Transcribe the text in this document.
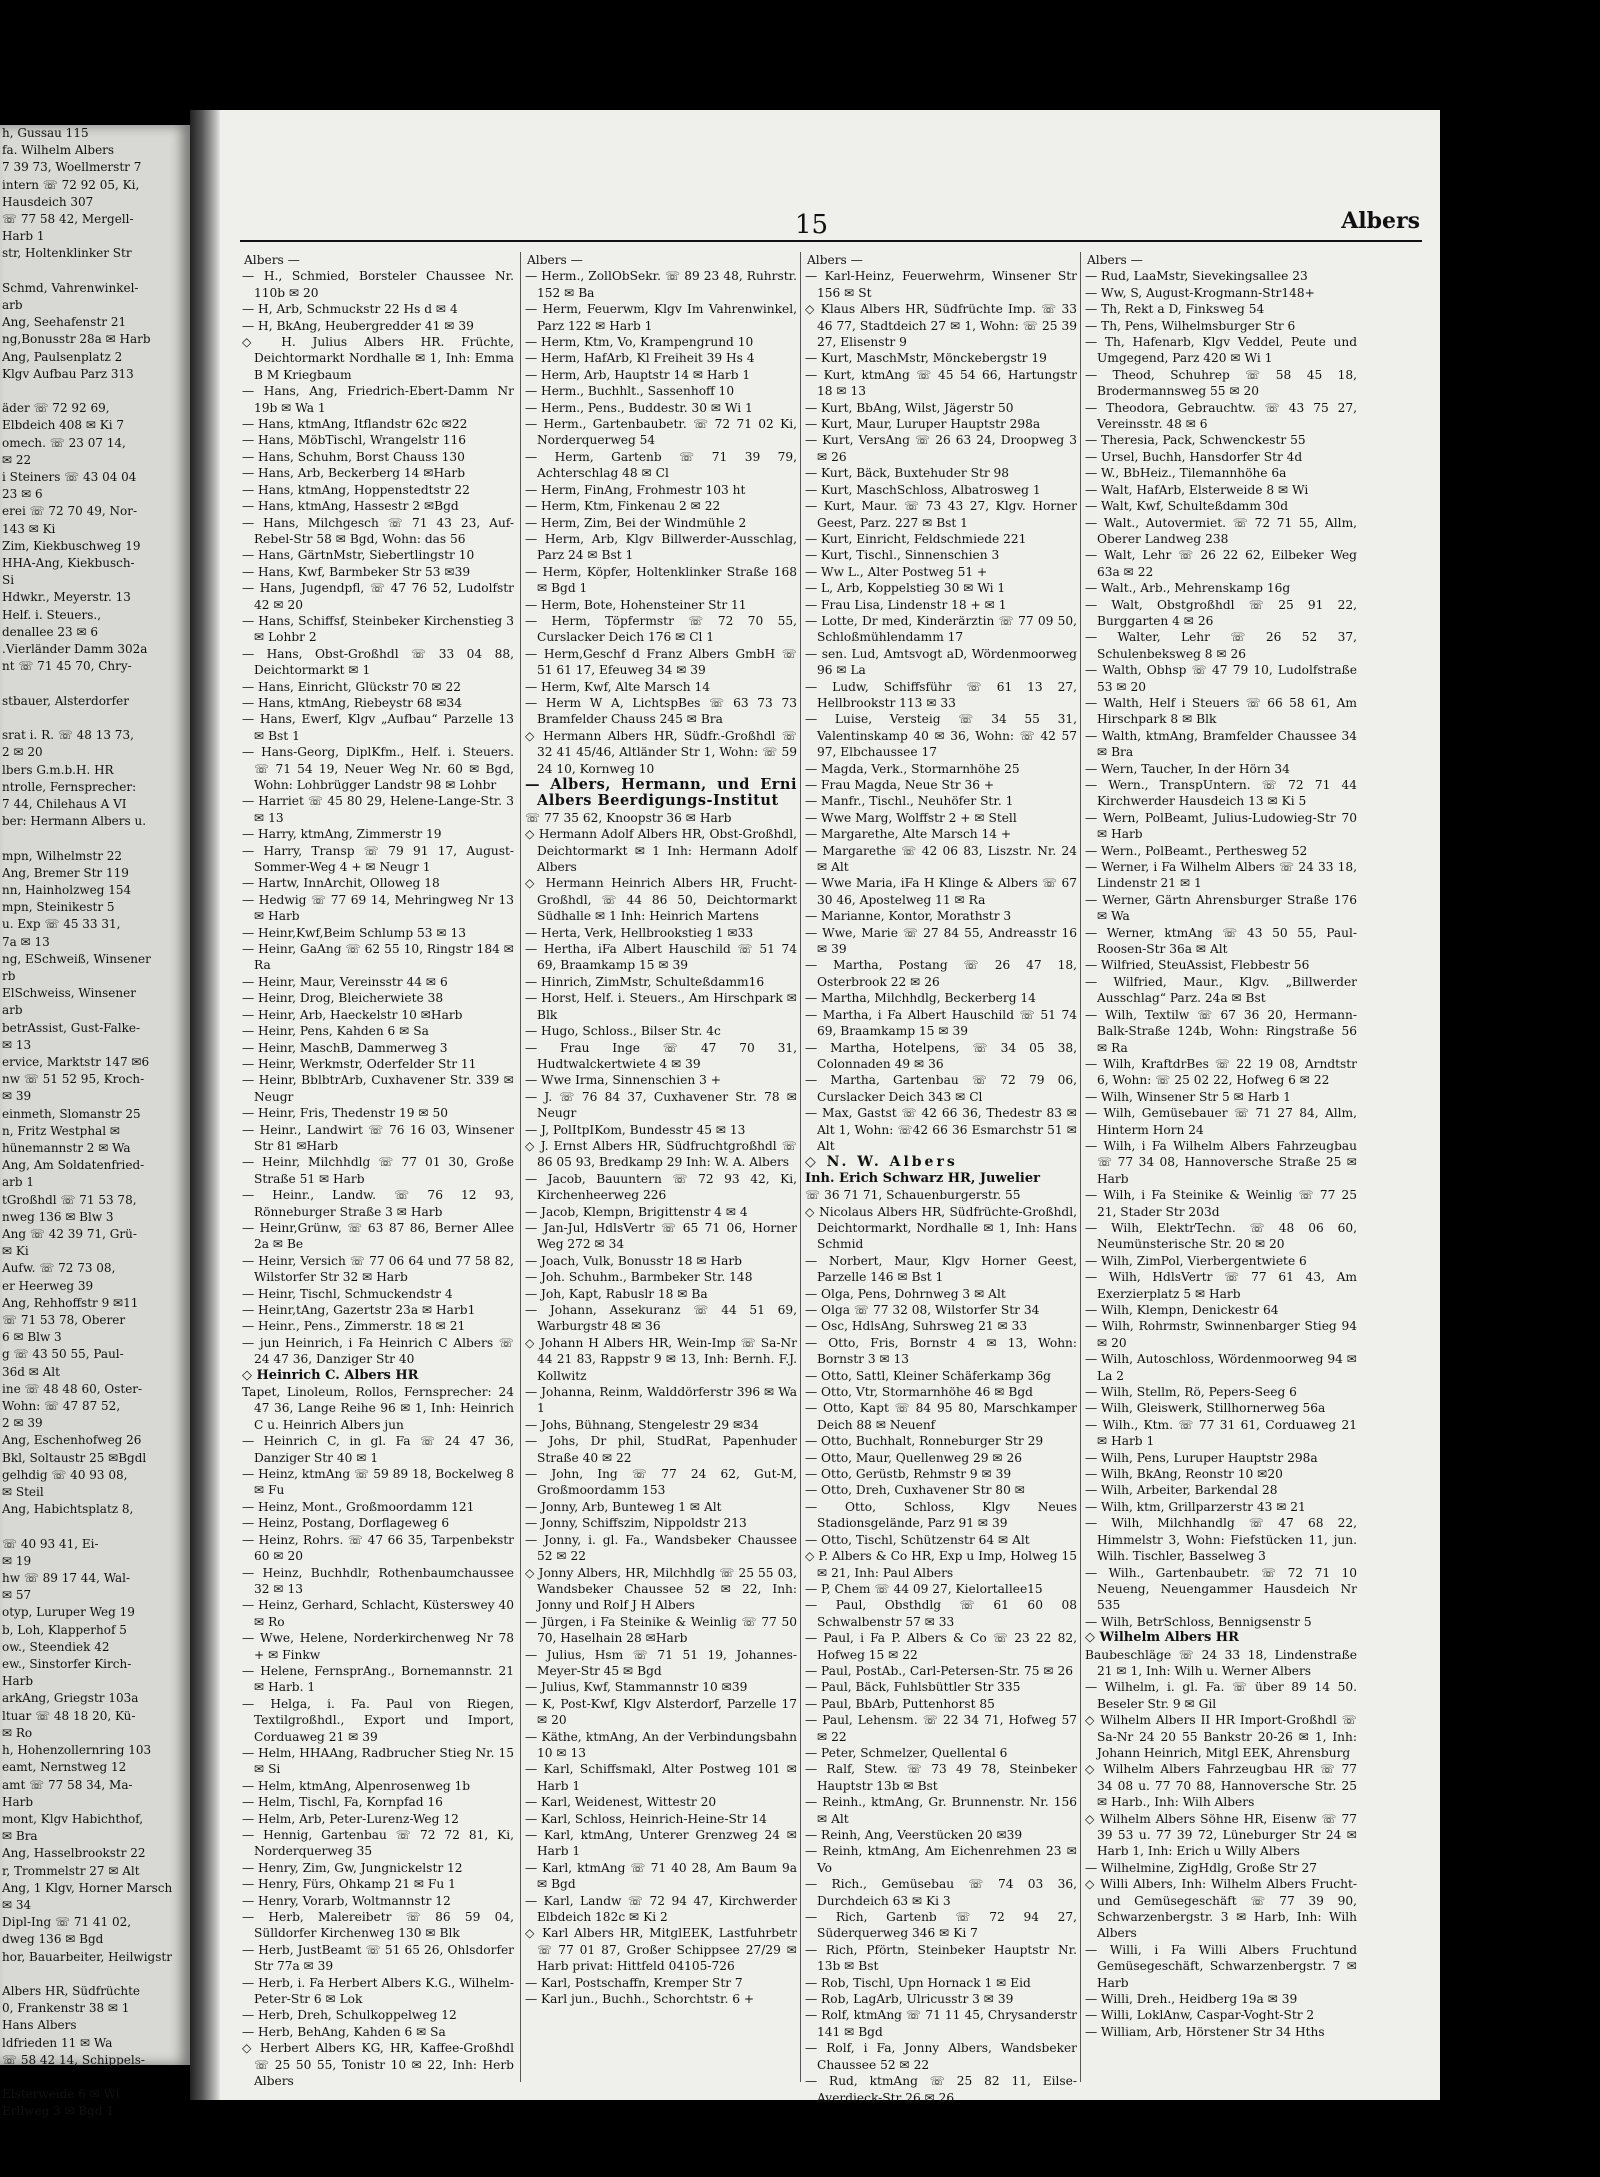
h, Gussau 115
fa. Wilhelm Albers
7 39 73, Woellmerstr 7
intern ☏ 72 92 05, Ki,
Hausdeich 307
☏ 77 58 42, Mergell-
Harb 1
str, Holtenklinker Str

Schmd, Vahrenwinkel-
arb
Ang, Seehafenstr 21
ng,Bonusstr 28a ✉ Harb
Ang, Paulsenplatz 2
Klgv Aufbau Parz 313

äder ☏ 72 92 69,
Elbdeich 408 ✉ Ki 7
omech. ☏ 23 07 14,
✉ 22
i Steiners ☏ 43 04 04
23 ✉ 6
erei ☏ 72 70 49, Nor-
143 ✉ Ki
Zim, Kiekbuschweg 19
HHA-Ang, Kiekbusch-
Si
Hdwkr., Meyerstr. 13
Helf. i. Steuers.,
denallee 23 ✉ 6
.Vierländer Damm 302a
nt ☏ 71 45 70, Chry-

stbauer, Alsterdorfer

srat i. R. ☏ 48 13 73,
2 ✉ 20
lbers G.m.b.H. HR
ntrolle, Fernsprecher:
7 44, Chilehaus A VI
ber: Hermann Albers u.

mpn, Wilhelmstr 22
Ang, Bremer Str 119
nn, Hainholzweg 154
mpn, Steinikestr 5
u. Exp ☏ 45 33 31,
7a ✉ 13
ng, ESchweiß, Winsener
rb
ElSchweiss, Winsener
arb
betrAssist, Gust-Falke-
✉ 13
ervice, Marktstr 147 ✉6
nw ☏ 51 52 95, Kroch-
✉ 39
einmeth, Slomanstr 25
n, Fritz Westphal ✉
hünemannstr 2 ✉ Wa
Ang, Am Soldatenfried-
arb 1
tGroßhdl ☏ 71 53 78,
nweg 136 ✉ Blw 3
Ang ☏ 42 39 71, Grü-
✉ Ki
Aufw. ☏ 72 73 08,
er Heerweg 39
Ang, Rehhoffstr 9 ✉11
☏ 71 53 78, Oberer
6 ✉ Blw 3
g ☏ 43 50 55, Paul-
36d ✉ Alt
ine ☏ 48 48 60, Oster-
Wohn: ☏ 47 87 52,
2 ✉ 39
Ang, Eschenhofweg 26
Bkl, Soltaustr 25 ✉Bgdl
gelhdig ☏ 40 93 08,
✉ Steil
Ang, Habichtsplatz 8,

☏ 40 93 41, Ei-
✉ 19
hw ☏ 89 17 44, Wal-
✉ 57
otyp, Luruper Weg 19
b, Loh, Klapperhof 5
ow., Steendiek 42
ew., Sinstorfer Kirch-
Harb
arkAng, Griegstr 103a
ltuar ☏ 48 18 20, Kü-
✉ Ro
h, Hohenzollernring 103
eamt, Nernstweg 12
amt ☏ 77 58 34, Ma-
Harb
mont, Klgv Habichthof,
✉ Bra
Ang, Hasselbrookstr 22
r, Trommelstr 27 ✉ Alt
Ang, 1 Klgv, Horner Marsch
✉ 34
Dipl-Ing ☏ 71 41 02,
dweg 136 ✉ Bgd
hor, Bauarbeiter, Heilwigstr

Albers HR, Südfrüchte
0, Frankenstr 38 ✉ 1
Hans Albers
ldfrieden 11 ✉ Wa
☏ 58 42 14, Schippels-

Elsterweide 6 ✉ Wi
Erllweg 3 ✉ Bgd 1
15	Albers
Albers —
— H., Schmied, Borsteler Chaussee Nr. 110b ✉ 20
— H, Arb, Schmuckstr 22 Hs d ✉ 4
— H, BkAng, Heubergredder 41 ✉ 39
◇ H. Julius Albers HR. Früchte, Deichtormarkt Nordhalle ✉ 1, Inh: Emma B M Kriegbaum
— Hans, Ang, Friedrich-Ebert-Damm Nr 19b ✉ Wa 1
— Hans, ktmAng, Itflandstr 62c ✉22
— Hans, MöbTischl, Wrangelstr 116
— Hans, Schuhm, Borst Chauss 130
— Hans, Arb, Beckerberg 14 ✉Harb
— Hans, ktmAng, Hoppenstedtstr 22
— Hans, ktmAng, Hassestr 2 ✉Bgd
— Hans, Milchgesch ☏ 71 43 23, Auf-Rebel-Str 58 ✉ Bgd, Wohn: das 56
— Hans, GärtnMstr, Siebertlingstr 10
— Hans, Kwf, Barmbeker Str 53 ✉39
— Hans, Jugendpfl, ☏ 47 76 52, Ludolfstr 42 ✉ 20
— Hans, Schiffsf, Steinbeker Kirchenstieg 3 ✉ Lohbr 2
— Hans, Obst-Großhdl ☏ 33 04 88, Deichtormarkt ✉ 1
— Hans, Einricht, Glückstr 70 ✉ 22
— Hans, ktmAng, Riebeystr 68 ✉34
— Hans, Ewerf, Klgv „Aufbau“ Parzelle 13 ✉ Bst 1
— Hans-Georg, DiplKfm., Helf. i. Steuers. ☏ 71 54 19, Neuer Weg Nr. 60 ✉ Bgd, Wohn: Lohbrügger Landstr 98 ✉ Lohbr
— Harriet ☏ 45 80 29, Helene-Lange-Str. 3 ✉ 13
— Harry, ktmAng, Zimmerstr 19
— Harry, Transp ☏ 79 91 17, August-Sommer-Weg 4 + ✉ Neugr 1
— Hartw, InnArchit, Olloweg 18
— Hedwig ☏ 77 69 14, Mehringweg Nr 13 ✉ Harb
— Heinr,Kwf,Beim Schlump 53 ✉ 13
— Heinr, GaAng ☏ 62 55 10, Ringstr 184 ✉ Ra
— Heinr, Maur, Vereinsstr 44 ✉ 6
— Heinr, Drog, Bleicherwiete 38
— Heinr, Arb, Haeckelstr 10 ✉Harb
— Heinr, Pens, Kahden 6 ✉ Sa
— Heinr, MaschB, Dammerweg 3
— Heinr, Werkmstr, Oderfelder Str 11
— Heinr, BblbtrArb, Cuxhavener Str. 339 ✉ Neugr
— Heinr, Fris, Thedenstr 19 ✉ 50
— Heinr., Landwirt ☏ 76 16 03, Winsener Str 81 ✉Harb
— Heinr, Milchhdlg ☏ 77 01 30, Große Straße 51 ✉ Harb
— Heinr., Landw. ☏ 76 12 93, Rönneburger Straße 3 ✉ Harb
— Heinr,Grünw, ☏ 63 87 86, Berner Allee 2a ✉ Be
— Heinr, Versich ☏ 77 06 64 und 77 58 82, Wilstorfer Str 32 ✉ Harb
— Heinr, Tischl, Schmuckendstr 4
— Heinr,tAng, Gazertstr 23a ✉ Harb1
— Heinr., Pens., Zimmerstr. 18 ✉ 21
— jun Heinrich, i Fa Heinrich C Albers ☏ 24 47 36, Danziger Str 40
◇ Heinrich C. Albers HR
Tapet, Linoleum, Rollos, Fernsprecher: 24 47 36, Lange Reihe 96 ✉ 1, Inh: Heinrich C u. Heinrich Albers jun
— Heinrich C, in gl. Fa ☏ 24 47 36, Danziger Str 40 ✉ 1
— Heinz, ktmAng ☏ 59 89 18, Bockelweg 8 ✉ Fu
— Heinz, Mont., Großmoordamm 121
— Heinz, Postang, Dorflageweg 6
— Heinz, Rohrs. ☏ 47 66 35, Tarpenbekstr 60 ✉ 20
— Heinz, Buchhdlr, Rothenbaumchaussee 32 ✉ 13
— Heinz, Gerhard, Schlacht, Küsterswey 40 ✉ Ro
— Wwe, Helene, Norderkirchenweg Nr 78 + ✉ Finkw
— Helene, FernsprAng., Bornemannstr. 21 ✉ Harb. 1
— Helga, i. Fa. Paul von Riegen, Textilgroßhdl., Export und Import, Corduaweg 21 ✉ 39
— Helm, HHAAng, Radbrucher Stieg Nr. 15 ✉ Si
— Helm, ktmAng, Alpenrosenweg 1b
— Helm, Tischl, Fa, Kornpfad 16
— Helm, Arb, Peter-Lurenz-Weg 12
— Hennig, Gartenbau ☏ 72 72 81, Ki, Norderquerweg 35
— Henry, Zim, Gw, Jungnickelstr 12
— Henry, Fürs, Ohkamp 21 ✉ Fu 1
— Henry, Vorarb, Woltmannstr 12
— Herb, Malereibetr ☏ 86 59 04, Sülldorfer Kirchenweg 130 ✉ Blk
— Herb, JustBeamt ☏ 51 65 26, Ohlsdorfer Str 77a ✉ 39
— Herb, i. Fa Herbert Albers K.G., Wilhelm-Peter-Str 6 ✉ Lok
— Herb, Dreh, Schulkoppelweg 12
— Herb, BehAng, Kahden 6 ✉ Sa
◇ Herbert Albers KG, HR, Kaffee-Großhdl ☏ 25 50 55, Tonistr 10 ✉ 22, Inh: Herb Albers
Albers —
— Herm., ZollObSekr. ☏ 89 23 48, Ruhrstr. 152 ✉ Ba
— Herm, Feuerwm, Klgv Im Vahrenwinkel, Parz 122 ✉ Harb 1
— Herm, Ktm, Vo, Krampengrund 10
— Herm, HafArb, Kl Freiheit 39 Hs 4
— Herm, Arb, Hauptstr 14 ✉ Harb 1
— Herm., Buchhlt., Sassenhoff 10
— Herm., Pens., Buddestr. 30 ✉ Wi 1
— Herm., Gartenbaubetr. ☏ 72 71 02 Ki, Norderquerweg 54
— Herm, Gartenb ☏ 71 39 79, Achterschlag 48 ✉ Cl
— Herm, FinAng, Frohmestr 103 ht
— Herm, Ktm, Finkenau 2 ✉ 22
— Herm, Zim, Bei der Windmühle 2
— Herm, Arb, Klgv Billwerder-Ausschlag, Parz 24 ✉ Bst 1
— Herm, Köpfer, Holtenklinker Straße 168 ✉ Bgd 1
— Herm, Bote, Hohensteiner Str 11
— Herm, Töpfermstr ☏ 72 70 55, Curslacker Deich 176 ✉ Cl 1
— Herm,Geschf d Franz Albers GmbH ☏ 51 61 17, Efeuweg 34 ✉ 39
— Herm, Kwf, Alte Marsch 14
— Herm W A, LichtspBes ☏ 63 73 73 Bramfelder Chauss 245 ✉ Bra
◇ Hermann Albers HR, Südfr.-Großhdl ☏ 32 41 45/46, Altländer Str 1, Wohn: ☏ 59 24 10, Kornweg 10
— Albers, Hermann, und Erni Albers Beerdigungs-Institut
☏ 77 35 62, Knoopstr 36 ✉ Harb
◇ Hermann Adolf Albers HR, Obst-Großhdl, Deichtormarkt ✉ 1 Inh: Hermann Adolf Albers
◇ Hermann Heinrich Albers HR, Frucht-Großhdl, ☏ 44 86 50, Deichtormarkt Südhalle ✉ 1 Inh: Heinrich Martens
— Herta, Verk, Hellbrookstieg 1 ✉33
— Hertha, iFa Albert Hauschild ☏ 51 74 69, Braamkamp 15 ✉ 39
— Hinrich, ZimMstr, Schulteßdamm16
— Horst, Helf. i. Steuers., Am Hirschpark ✉ Blk
— Hugo, Schloss., Bilser Str. 4c
— Frau Inge ☏ 47 70 31, Hudtwalckertwiete 4 ✉ 39
— Wwe Irma, Sinnenschien 3 +
— J. ☏ 76 84 37, Cuxhavener Str. 78 ✉ Neugr
— J, PolItpIKom, Bundesstr 45 ✉ 13
◇ J. Ernst Albers HR, Südfruchtgroßhdl ☏ 86 05 93, Bredkamp 29 Inh: W. A. Albers
— Jacob, Bauuntern ☏ 72 93 42, Ki, Kirchenheerweg 226
— Jacob, Klempn, Brigittenstr 4 ✉ 4
— Jan-Jul, HdlsVertr ☏ 65 71 06, Horner Weg 272 ✉ 34
— Joach, Vulk, Bonusstr 18 ✉ Harb
— Joh. Schuhm., Barmbeker Str. 148
— Joh, Kapt, Rabuslr 18 ✉ Ba
— Johann, Assekuranz ☏ 44 51 69, Warburgstr 48 ✉ 36
◇ Johann H Albers HR, Wein-Imp ☏ Sa-Nr 44 21 83, Rappstr 9 ✉ 13, Inh: Bernh. F.J. Kollwitz
— Johanna, Reinm, Walddörferstr 396 ✉ Wa 1
— Johs, Bühnang, Stengelestr 29 ✉34
— Johs, Dr phil, StudRat, Papenhuder Straße 40 ✉ 22
— John, Ing ☏ 77 24 62, Gut-M, Großmoordamm 153
— Jonny, Arb, Bunteweg 1 ✉ Alt
— Jonny, Schiffszim, Nippoldstr 213
— Jonny, i. gl. Fa., Wandsbeker Chaussee 52 ✉ 22
◇ Jonny Albers, HR, Milchhdlg ☏ 25 55 03, Wandsbeker Chaussee 52 ✉ 22, Inh: Jonny und Rolf J H Albers
— Jürgen, i Fa Steinike & Weinlig ☏ 77 50 70, Haselhain 28 ✉Harb
— Julius, Hsm ☏ 71 51 19, Johannes-Meyer-Str 45 ✉ Bgd
— Julius, Kwf, Stammannstr 10 ✉39
— K, Post-Kwf, Klgv Alsterdorf, Parzelle 17 ✉ 20
— Käthe, ktmAng, An der Verbindungsbahn 10 ✉ 13
— Karl, Schiffsmakl, Alter Postweg 101 ✉ Harb 1
— Karl, Weidenest, Wittestr 20
— Karl, Schloss, Heinrich-Heine-Str 14
— Karl, ktmAng, Unterer Grenzweg 24 ✉ Harb 1
— Karl, ktmAng ☏ 71 40 28, Am Baum 9a ✉ Bgd
— Karl, Landw ☏ 72 94 47, Kirchwerder Elbdeich 182c ✉ Ki 2
◇ Karl Albers HR, MitglEEK, Lastfuhrbetr ☏ 77 01 87, Großer Schippsee 27/29 ✉ Harb privat: Hittfeld 04105-726
— Karl, Postschaffn, Kremper Str 7
— Karl jun., Buchh., Schorchtstr. 6 +
Albers —
— Karl-Heinz, Feuerwehrm, Winsener Str 156 ✉ St
◇ Klaus Albers HR, Südfrüchte Imp. ☏ 33 46 77, Stadtdeich 27 ✉ 1, Wohn: ☏ 25 39 27, Elisenstr 9
— Kurt, MaschMstr, Mönckebergstr 19
— Kurt, ktmAng ☏ 45 54 66, Hartungstr 18 ✉ 13
— Kurt, BbAng, Wilst, Jägerstr 50
— Kurt, Maur, Luruper Hauptstr 298a
— Kurt, VersAng ☏ 26 63 24, Droopweg 3 ✉ 26
— Kurt, Bäck, Buxtehuder Str 98
— Kurt, MaschSchloss, Albatrosweg 1
— Kurt, Maur. ☏ 73 43 27, Klgv. Horner Geest, Parz. 227 ✉ Bst 1
— Kurt, Einricht, Feldschmiede 221
— Kurt, Tischl., Sinnenschien 3
— Ww L., Alter Postweg 51 +
— L, Arb, Koppelstieg 30 ✉ Wi 1
— Frau Lisa, Lindenstr 18 + ✉ 1
— Lotte, Dr med, Kinderärztin ☏ 77 09 50, Schloßmühlendamm 17
— sen. Lud, Amtsvogt aD, Wördenmoorweg 96 ✉ La
— Ludw, Schiffsführ ☏ 61 13 27, Hellbrookstr 113 ✉ 33
— Luise, Versteig ☏ 34 55 31, Valentinskamp 40 ✉ 36, Wohn: ☏ 42 57 97, Elbchaussee 17
— Magda, Verk., Stormarnhöhe 25
— Frau Magda, Neue Str 36 +
— Manfr., Tischl., Neuhöfer Str. 1
— Wwe Marg, Wolffstr 2 + ✉ Stell
— Margarethe, Alte Marsch 14 +
— Margarethe ☏ 42 06 83, Liszstr. Nr. 24 ✉ Alt
— Wwe Maria, iFa H Klinge & Albers ☏ 67 30 46, Apostelweg 11 ✉ Ra
— Marianne, Kontor, Morathstr 3
— Wwe, Marie ☏ 27 84 55, Andreasstr 16 ✉ 39
— Martha, Postang ☏ 26 47 18, Osterbrook 22 ✉ 26
— Martha, Milchhdlg, Beckerberg 14
— Martha, i Fa Albert Hauschild ☏ 51 74 69, Braamkamp 15 ✉ 39
— Martha, Hotelpens, ☏ 34 05 38, Colonnaden 49 ✉ 36
— Martha, Gartenbau ☏ 72 79 06, Curslacker Deich 343 ✉ Cl
— Max, Gastst ☏ 42 66 36, Thedestr 83 ✉ Alt 1, Wohn: ☏42 66 36 Esmarchstr 51 ✉ Alt
◇ N. W. Albers
Inh. Erich Schwarz HR, Juwelier
☏ 36 71 71, Schauenburgerstr. 55
◇ Nicolaus Albers HR, Südfrüchte-Großhdl, Deichtormarkt, Nordhalle ✉ 1, Inh: Hans Schmid
— Norbert, Maur, Klgv Horner Geest, Parzelle 146 ✉ Bst 1
— Olga, Pens, Dohrnweg 3 ✉ Alt
— Olga ☏ 77 32 08, Wilstorfer Str 34
— Osc, HdlsAng, Suhrsweg 21 ✉ 33
— Otto, Fris, Bornstr 4 ✉ 13, Wohn: Bornstr 3 ✉ 13
— Otto, Sattl, Kleiner Schäferkamp 36g
— Otto, Vtr, Stormarnhöhe 46 ✉ Bgd
— Otto, Kapt ☏ 84 95 80, Marschkamper Deich 88 ✉ Neuenf
— Otto, Buchhalt, Ronneburger Str 29
— Otto, Maur, Quellenweg 29 ✉ 26
— Otto, Gerüstb, Rehmstr 9 ✉ 39
— Otto, Dreh, Cuxhavener Str 80 ✉
— Otto, Schloss, Klgv Neues Stadionsgelände, Parz 91 ✉ 39
— Otto, Tischl, Schützenstr 64 ✉ Alt
◇ P. Albers & Co HR, Exp u Imp, Holweg 15 ✉ 21, Inh: Paul Albers
— P, Chem ☏ 44 09 27, Kielortallee15
— Paul, Obsthdlg ☏ 61 60 08 Schwalbenstr 57 ✉ 33
— Paul, i Fa P. Albers & Co ☏ 23 22 82, Hofweg 15 ✉ 22
— Paul, PostAb., Carl-Petersen-Str. 75 ✉ 26
— Paul, Bäck, Fuhlsbüttler Str 335
— Paul, BbArb, Puttenhorst 85
— Paul, Lehensm. ☏ 22 34 71, Hofweg 57 ✉ 22
— Peter, Schmelzer, Quellental 6
— Ralf, Stew. ☏ 73 49 78, Steinbeker Hauptstr 13b ✉ Bst
— Reinh., ktmAng, Gr. Brunnenstr. Nr. 156 ✉ Alt
— Reinh, Ang, Veerstücken 20 ✉39
— Reinh, ktmAng, Am Eichenrehmen 23 ✉ Vo
— Rich., Gemüsebau ☏ 74 03 36, Durchdeich 63 ✉ Ki 3
— Rich, Gartenb ☏ 72 94 27, Süderquerweg 346 ✉ Ki 7
— Rich, Pförtn, Steinbeker Hauptstr Nr. 13b ✉ Bst
— Rob, Tischl, Upn Hornack 1 ✉ Eid
— Rob, LagArb, Ulricusstr 3 ✉ 39
— Rolf, ktmAng ☏ 71 11 45, Chrysanderstr 141 ✉ Bgd
— Rolf, i Fa, Jonny Albers, Wandsbeker Chaussee 52 ✉ 22
— Rud, ktmAng ☏ 25 82 11, Eilse-Averdieck-Str 26 ✉ 26
Albers —
— Rud, LaaMstr, Sievekingsallee 23
— Ww, S, August-Krogmann-Str148+
— Th, Rekt a D, Finksweg 54
— Th, Pens, Wilhelmsburger Str 6
— Th, Hafenarb, Klgv Veddel, Peute und Umgegend, Parz 420 ✉ Wi 1
— Theod, Schuhrep ☏ 58 45 18, Brodermannsweg 55 ✉ 20
— Theodora, Gebrauchtw. ☏ 43 75 27, Vereinsstr. 48 ✉ 6
— Theresia, Pack, Schwenckestr 55
— Ursel, Buchh, Hansdorfer Str 4d
— W., BbHeiz., Tilemannhöhe 6a
— Walt, HafArb, Elsterweide 8 ✉ Wi
— Walt, Kwf, Schulteßdamm 30d
— Walt., Autovermiet. ☏ 72 71 55, Allm, Oberer Landweg 238
— Walt, Lehr ☏ 26 22 62, Eilbeker Weg 63a ✉ 22
— Walt., Arb., Mehrenskamp 16g
— Walt, Obstgroßhdl ☏ 25 91 22, Burggarten 4 ✉ 26
— Walter, Lehr ☏ 26 52 37, Schulenbeksweg 8 ✉ 26
— Walth, Obhsp ☏ 47 79 10, Ludolfstraße 53 ✉ 20
— Walth, Helf i Steuers ☏ 66 58 61, Am Hirschpark 8 ✉ Blk
— Walth, ktmAng, Bramfelder Chaussee 34 ✉ Bra
— Wern, Taucher, In der Hörn 34
— Wern., TranspUntern. ☏ 72 71 44 Kirchwerder Hausdeich 13 ✉ Ki 5
— Wern, PolBeamt, Julius-Ludowieg-Str 70 ✉ Harb
— Wern., PolBeamt., Perthesweg 52
— Werner, i Fa Wilhelm Albers ☏ 24 33 18, Lindenstr 21 ✉ 1
— Werner, Gärtn Ahrensburger Straße 176 ✉ Wa
— Werner, ktmAng ☏ 43 50 55, Paul-Roosen-Str 36a ✉ Alt
— Wilfried, SteuAssist, Flebbestr 56
— Wilfried, Maur., Klgv. „Billwerder Ausschlag“ Parz. 24a ✉ Bst
— Wilh, Textilw ☏ 67 36 20, Hermann-Balk-Straße 124b, Wohn: Ringstraße 56 ✉ Ra
— Wilh, KraftdrBes ☏ 22 19 08, Arndtstr 6, Wohn: ☏ 25 02 22, Hofweg 6 ✉ 22
— Wilh, Winsener Str 5 ✉ Harb 1
— Wilh, Gemüsebauer ☏ 71 27 84, Allm, Hinterm Horn 24
— Wilh, i Fa Wilhelm Albers Fahrzeugbau ☏ 77 34 08, Hannoversche Straße 25 ✉ Harb
— Wilh, i Fa Steinike & Weinlig ☏ 77 25 21, Stader Str 203d
— Wilh, ElektrTechn. ☏ 48 06 60, Neumünsterische Str. 20 ✉ 20
— Wilh, ZimPol, Vierbergentwiete 6
— Wilh, HdlsVertr ☏ 77 61 43, Am Exerzierplatz 5 ✉ Harb
— Wilh, Klempn, Denickestr 64
— Wilh, Rohrmstr, Swinnenbarger Stieg 94 ✉ 20
— Wilh, Autoschloss, Wördenmoorweg 94 ✉ La 2
— Wilh, Stellm, Rö, Pepers-Seeg 6
— Wilh, Gleiswerk, Stillhornerweg 56a
— Wilh., Ktm. ☏ 77 31 61, Corduaweg 21 ✉ Harb 1
— Wilh, Pens, Luruper Hauptstr 298a
— Wilh, BkAng, Reonstr 10 ✉20
— Wilh, Arbeiter, Barkendal 28
— Wilh, ktm, Grillparzerstr 43 ✉ 21
— Wilh, Milchhandlg ☏ 47 68 22, Himmelstr 3, Wohn: Fiefstücken 11, jun. Wilh. Tischler, Basselweg 3
— Wilh., Gartenbaubetr. ☏ 72 71 10 Neueng, Neuengammer Hausdeich Nr 535
— Wilh, BetrSchloss, Bennigsenstr 5
◇ Wilhelm Albers HR
Baubeschläge ☏ 24 33 18, Lindenstraße 21 ✉ 1, Inh: Wilh u. Werner Albers
— Wilhelm, i. gl. Fa. ☏ über 89 14 50. Beseler Str. 9 ✉ Gil
◇ Wilhelm Albers II HR Import-Großhdl ☏ Sa-Nr 24 20 55 Bankstr 20-26 ✉ 1, Inh: Johann Heinrich, Mitgl EEK, Ahrensburg
◇ Wilhelm Albers Fahrzeugbau HR ☏ 77 34 08 u. 77 70 88, Hannoversche Str. 25 ✉ Harb., Inh: Wilh Albers
◇ Wilhelm Albers Söhne HR, Eisenw ☏ 77 39 53 u. 77 39 72, Lüneburger Str 24 ✉ Harb 1, Inh: Erich u Willy Albers
— Wilhelmine, ZigHdlg, Große Str 27
◇ Willi Albers, Inh: Wilhelm Albers Frucht- und Gemüsegeschäft ☏ 77 39 90, Schwarzenbergstr. 3 ✉ Harb, Inh: Wilh Albers
— Willi, i Fa Willi Albers Fruchtund Gemüsegeschäft, Schwarzenbergstr. 7 ✉ Harb
— Willi, Dreh., Heidberg 19a ✉ 39
— Willi, LoklAnw, Caspar-Voght-Str 2
— William, Arb, Hörstener Str 34 Hths
